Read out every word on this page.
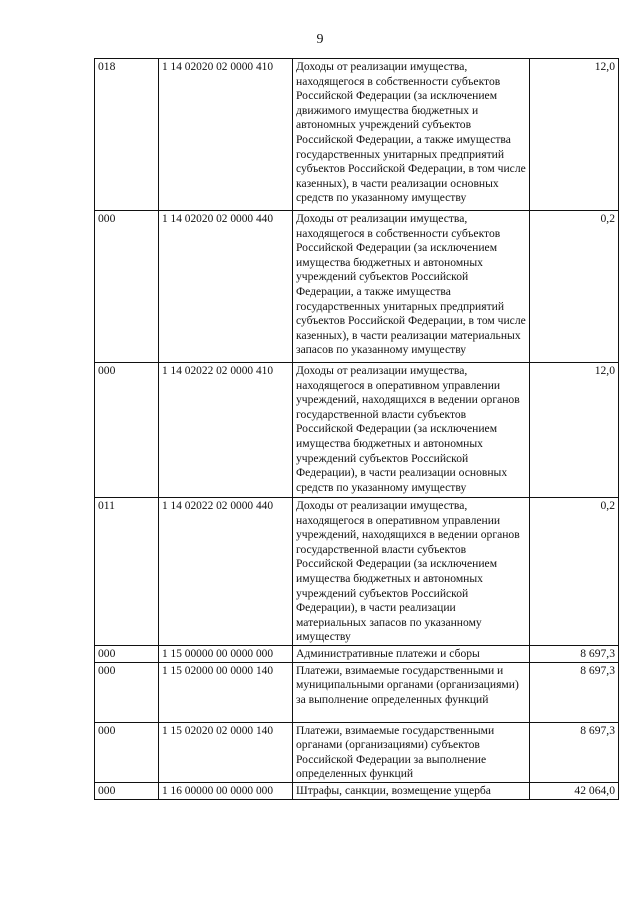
9
018	1 14 02020 02 0000 410	Доходы от реализации имущества, находящегося в собственности субъектов Российской Федерации (за исключением движимого имущества бюджетных и автономных учреждений субъектов Российской Федерации, а также имущества государственных унитарных предприятий субъектов Российской Федерации, в том числе казенных), в части реализации основных средств по указанному имуществу	12,0
000	1 14 02020 02 0000 440	Доходы от реализации имущества, находящегося в собственности субъектов Российской Федерации (за исключением имущества бюджетных и автономных учреждений субъектов Российской Федерации, а также имущества государственных унитарных предприятий субъектов Российской Федерации, в том числе казенных), в части реализации материальных запасов по указанному имуществу	0,2
000	1 14 02022 02 0000 410	Доходы от реализации имущества, находящегося в оперативном управлении учреждений, находящихся в ведении органов государственной власти субъектов Российской Федерации (за исключением имущества бюджетных и автономных учреждений субъектов Российской Федерации), в части реализации основных средств по указанному имуществу	12,0
011	1 14 02022 02 0000 440	Доходы от реализации имущества, находящегося в оперативном управлении учреждений, находящихся в ведении органов государственной власти субъектов Российской Федерации (за исключением имущества бюджетных и автономных учреждений субъектов Российской Федерации), в части реализации материальных запасов по указанному имуществу	0,2
000	1 15 00000 00 0000 000	Административные платежи и сборы	8 697,3
000	1 15 02000 00 0000 140	Платежи, взимаемые государственными и муниципальными органами (организациями) за выполнение определенных функций	8 697,3
000	1 15 02020 02 0000 140	Платежи, взимаемые государственными органами (организациями) субъектов Российской Федерации за выполнение определенных функций	8 697,3
000	1 16 00000 00 0000 000	Штрафы, санкции, возмещение ущерба	42 064,0
